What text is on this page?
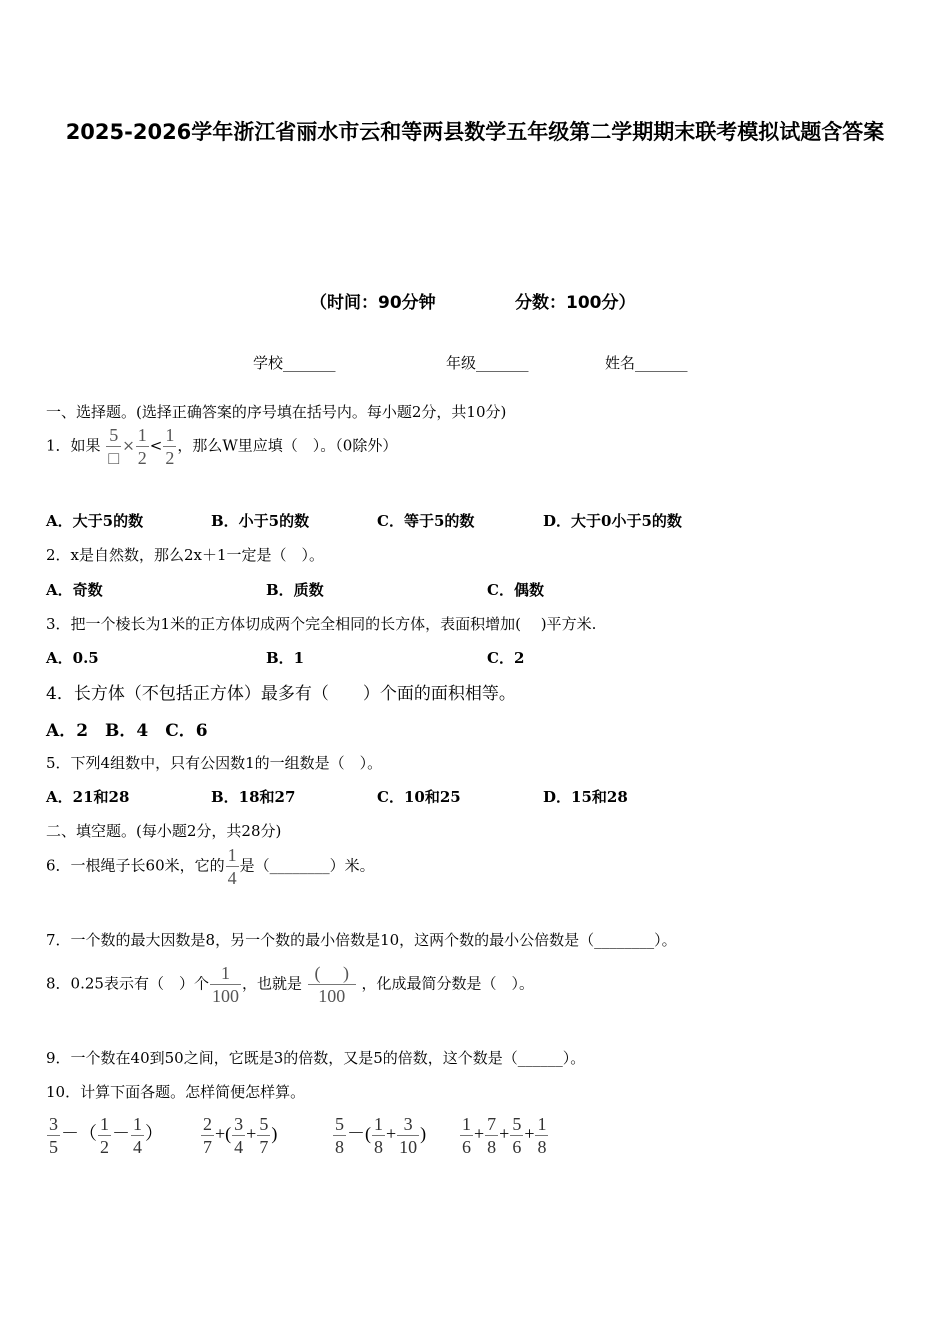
2025-2026学年浙江省丽水市云和等两县数学五年级第二学期期末联考模拟试题含答案
（时间：90分钟	分数：100分）
学校_______	年级_______	姓名_______
一、选择题。(选择正确答案的序号填在括号内。每小题2分，共10分)
1．如果 $\frac{5}{□} \times \frac{1}{2} < \frac{1}{2}$ ，那么W里应填（　）。（0除外）
A．大于5的数	B．小于5的数	C．等于5的数	D．大于0小于5的数
2．x是自然数，那么2x＋1一定是（　）。
A．奇数	B．质数	C．偶数
3．把一个棱长为1米的正方体切成两个完全相同的长方体，表面积增加(　 )平方米.
A．0.5	B．1	C．2
4．长方体（不包括正方体）最多有（　　）个面的面积相等。
A．2　B．4　C．6
5．下列4组数中，只有公因数1的一组数是（　）。
A．21和28	B．18和27	C．10和25	D．15和28
二、填空题。(每小题2分，共28分)
6．一根绳子长60米，它的 $\frac{1}{4}$ 是（________）米。
7．一个数的最大因数是8，另一个数的最小倍数是10，这两个数的最小公倍数是（________）。
8．0.25表示有（　）个 $\frac{1}{100}$ ，也就是 $\frac{( )}{100}$ ，化成最简分数是（　）。
9．一个数在40到50之间，它既是3的倍数，又是5的倍数，这个数是（______）。
10．计算下面各题。怎样简便怎样算。
$\frac{3}{5}$ －（ $\frac{1}{2} - \frac{1}{4}$ ） $\frac{2}{7}$ +( $\frac{3}{4} + \frac{5}{7}$ )	$\frac{5}{8}$ －( $\frac{1}{8} + \frac{3}{10}$ ) $\frac{1}{6} + \frac{7}{8} + \frac{5}{6} + \frac{1}{8}$
